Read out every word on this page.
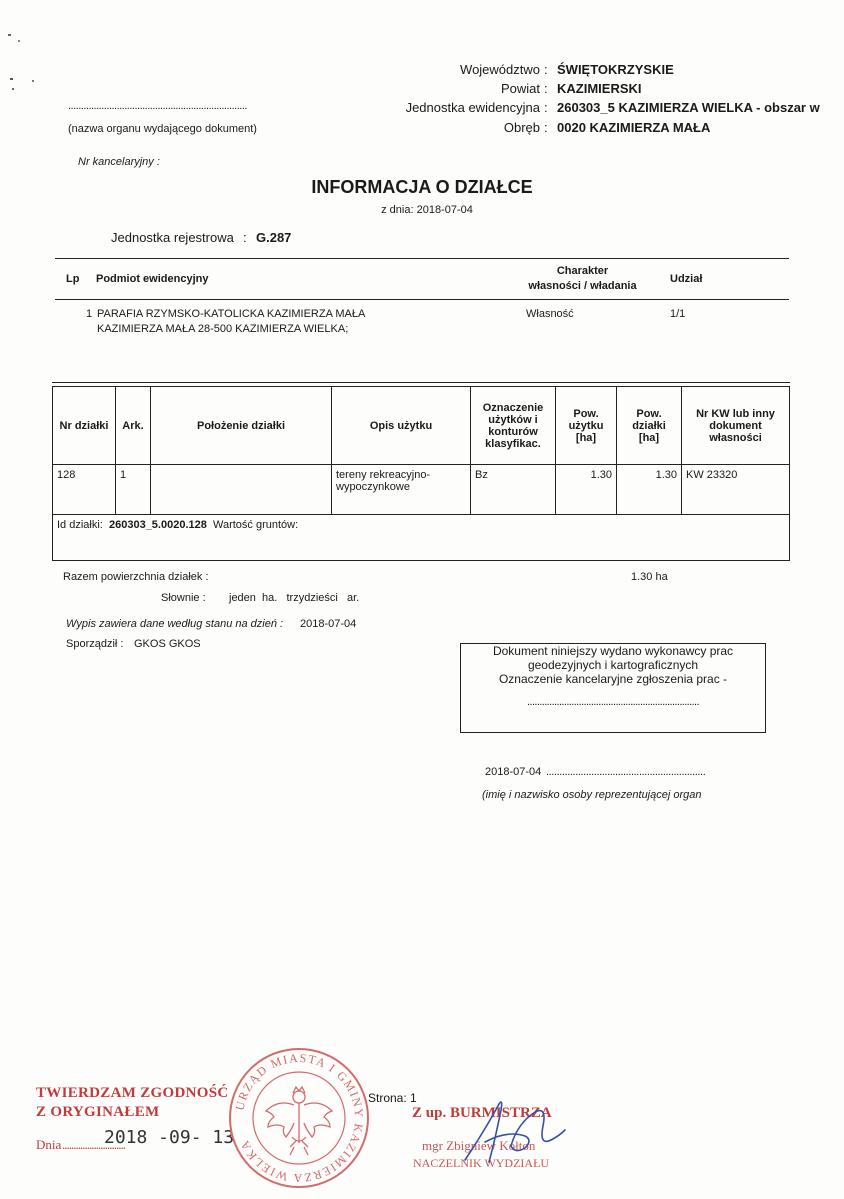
Województwo : ŚWIĘTOKRZYSKIE
Powiat : KAZIMIERSKI
Jednostka ewidencyjna : 260303_5 KAZIMIERZA WIELKA - obszar w
Obręb : 0020 KAZIMIERZA MAŁA
......................................................................
(nazwa organu wydającego dokument)
Nr kancelaryjny :
INFORMACJA O DZIAŁCE
z dnia: 2018-07-04
Jednostka rejestrowa : G.287
Lp Podmiot ewidencyjny
Charakter
własności / władania
Udział
1 PARAFIA RZYMSKO-KATOLICKA KAZIMIERZA MAŁA
KAZIMIERZA MAŁA 28-500 KAZIMIERZA WIELKA;
Własność	1/1
Nr działki	Ark.	Położenie działki	Opis użytku	Oznaczenie
użytków i
konturów
klasyfikac.	Pow.
użytku
[ha]	Pow.
działki
[ha]	Nr KW lub inny
dokument
własności
128	1		tereny rekreacyjno-
wypoczynkowe	Bz	1.30	1.30	KW 23320
Id działki: 260303_5.0020.128 Wartość gruntów:							
Razem powierzchnia działek :	1.30 ha
Słownie : jeden  ha.   trzydzieści   ar.
Wypis zawiera dane według stanu na dzień : 2018-07-04
Sporządził : GKOS GKOS	Dokument niniejszy wydano wykonawcy prac
geodezyjnych i kartograficznych
Oznaczenie kancelaryjne zgłoszenia prac -
......................................................................
2018-07-04 ............................................................
(imię i nazwisko osoby reprezentującej organ
TWIERDZAM ZGODNOŚĆ
Z ORYGINAŁEM
Dnia ............................
2018 -09- 13
URZĄD MIASTA I GMINY KAZIMIERZA WIELKA
Strona: 1
Z up. BURMISTRZA
mgr Zbigniew Kołton
NACZELNIK WYDZIAŁU
